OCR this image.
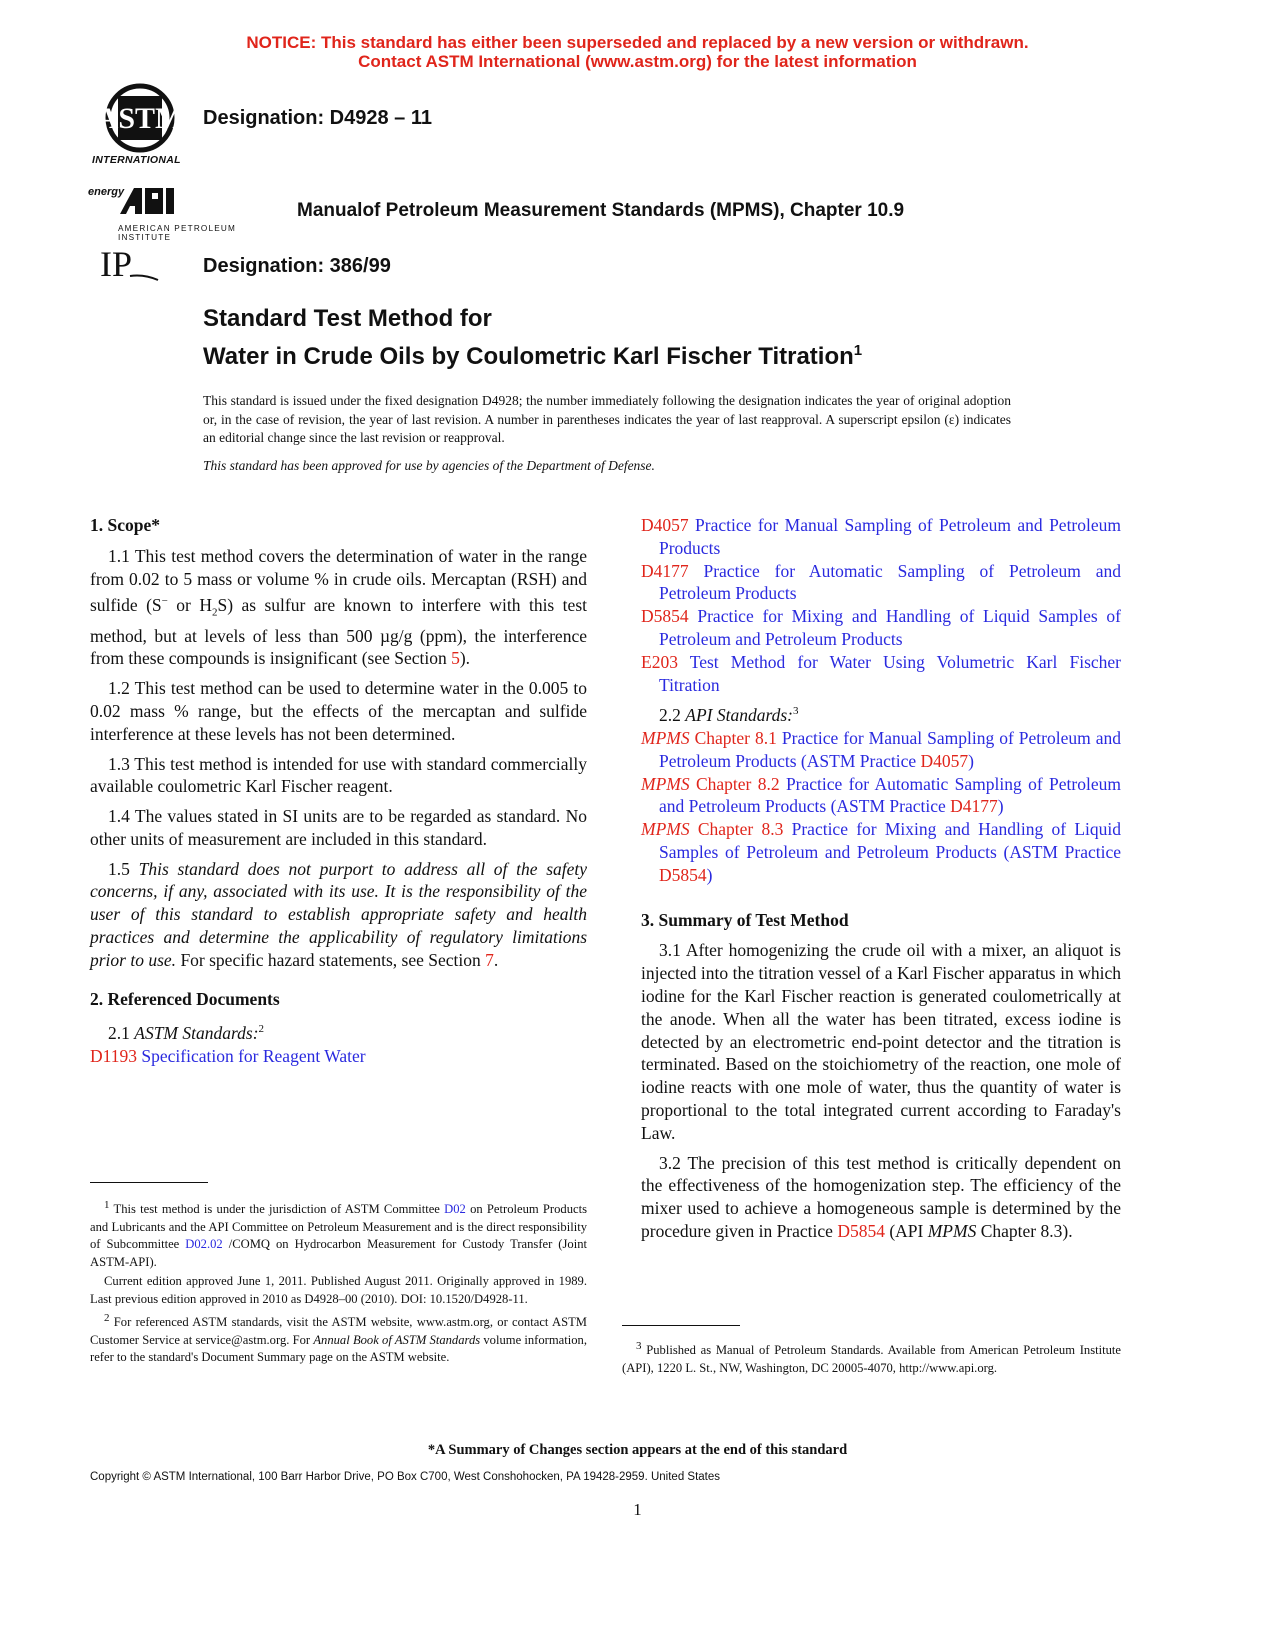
NOTICE: This standard has either been superseded and replaced by a new version or withdrawn.
Contact ASTM International (www.astm.org) for the latest information
ASTM
INTERNATIONAL
Designation: D4928 – 11
energy
AMERICAN PETROLEUM INSTITUTE
Manualof Petroleum Measurement Standards (MPMS), Chapter 10.9
IP	Designation: 386/99
Standard Test Method for
Water in Crude Oils by Coulometric Karl Fischer Titration$^1$
This standard is issued under the fixed designation D4928; the number immediately following the designation indicates the year of original adoption or, in the case of revision, the year of last revision. A number in parentheses indicates the year of last reapproval. A superscript epsilon (ε) indicates an editorial change since the last revision or reapproval.
This standard has been approved for use by agencies of the Department of Defense.
1. Scope*

1.1 This test method covers the determination of water in the range from 0.02 to 5 mass or volume % in crude oils. Mercaptan (RSH) and sulfide (S− or $H_2S$) as sulfur are known to interfere with this test method, but at levels of less than 500 µg/g (ppm), the interference from these compounds is insignificant (see Section 5).

1.2 This test method can be used to determine water in the 0.005 to 0.02 mass % range, but the effects of the mercaptan and sulfide interference at these levels has not been determined.

1.3 This test method is intended for use with standard commercially available coulometric Karl Fischer reagent.

1.4 The values stated in SI units are to be regarded as standard. No other units of measurement are included in this standard.

1.5 This standard does not purport to address all of the safety concerns, if any, associated with its use. It is the responsibility of the user of this standard to establish appropriate safety and health practices and determine the applicability of regulatory limitations prior to use. For specific hazard statements, see Section 7.

2. Referenced Documents

2.1 ASTM Standards:$^2$

D1193 Specification for Reagent Water

$^1$ This test method is under the jurisdiction of ASTM Committee D02 on Petroleum Products and Lubricants and the API Committee on Petroleum Measurement and is the direct responsibility of Subcommittee D02.02 /COMQ on Hydrocarbon Measurement for Custody Transfer (Joint ASTM-API).

Current edition approved June 1, 2011. Published August 2011. Originally approved in 1989. Last previous edition approved in 2010 as D4928–00 (2010). DOI: 10.1520/D4928-11.

$^2$ For referenced ASTM standards, visit the ASTM website, www.astm.org, or contact ASTM Customer Service at service@astm.org. For Annual Book of ASTM Standards volume information, refer to the standard's Document Summary page on the ASTM website.

D4057 Practice for Manual Sampling of Petroleum and Petroleum Products
D4177 Practice for Automatic Sampling of Petroleum and Petroleum Products
D5854 Practice for Mixing and Handling of Liquid Samples of Petroleum and Petroleum Products
E203 Test Method for Water Using Volumetric Karl Fischer Titration

2.2 API Standards:$^3$

MPMS Chapter 8.1 Practice for Manual Sampling of Petroleum and Petroleum Products (ASTM Practice D4057)
MPMS Chapter 8.2 Practice for Automatic Sampling of Petroleum and Petroleum Products (ASTM Practice D4177)
MPMS Chapter 8.3 Practice for Mixing and Handling of Liquid Samples of Petroleum and Petroleum Products (ASTM Practice D5854)
3. Summary of Test Method

3.1 After homogenizing the crude oil with a mixer, an aliquot is injected into the titration vessel of a Karl Fischer apparatus in which iodine for the Karl Fischer reaction is generated coulometrically at the anode. When all the water has been titrated, excess iodine is detected by an electrometric end-point detector and the titration is terminated. Based on the stoichiometry of the reaction, one mole of iodine reacts with one mole of water, thus the quantity of water is proportional to the total integrated current according to Faraday's Law.

3.2 The precision of this test method is critically dependent on the effectiveness of the homogenization step. The efficiency of the mixer used to achieve a homogeneous sample is determined by the procedure given in Practice D5854 (API MPMS Chapter 8.3).

$^3$ Published as Manual of Petroleum Standards. Available from American Petroleum Institute (API), 1220 L. St., NW, Washington, DC 20005-4070, http://www.api.org.

*A Summary of Changes section appears at the end of this standard
Copyright © ASTM International, 100 Barr Harbor Drive, PO Box C700, West Conshohocken, PA 19428-2959. United States
1
